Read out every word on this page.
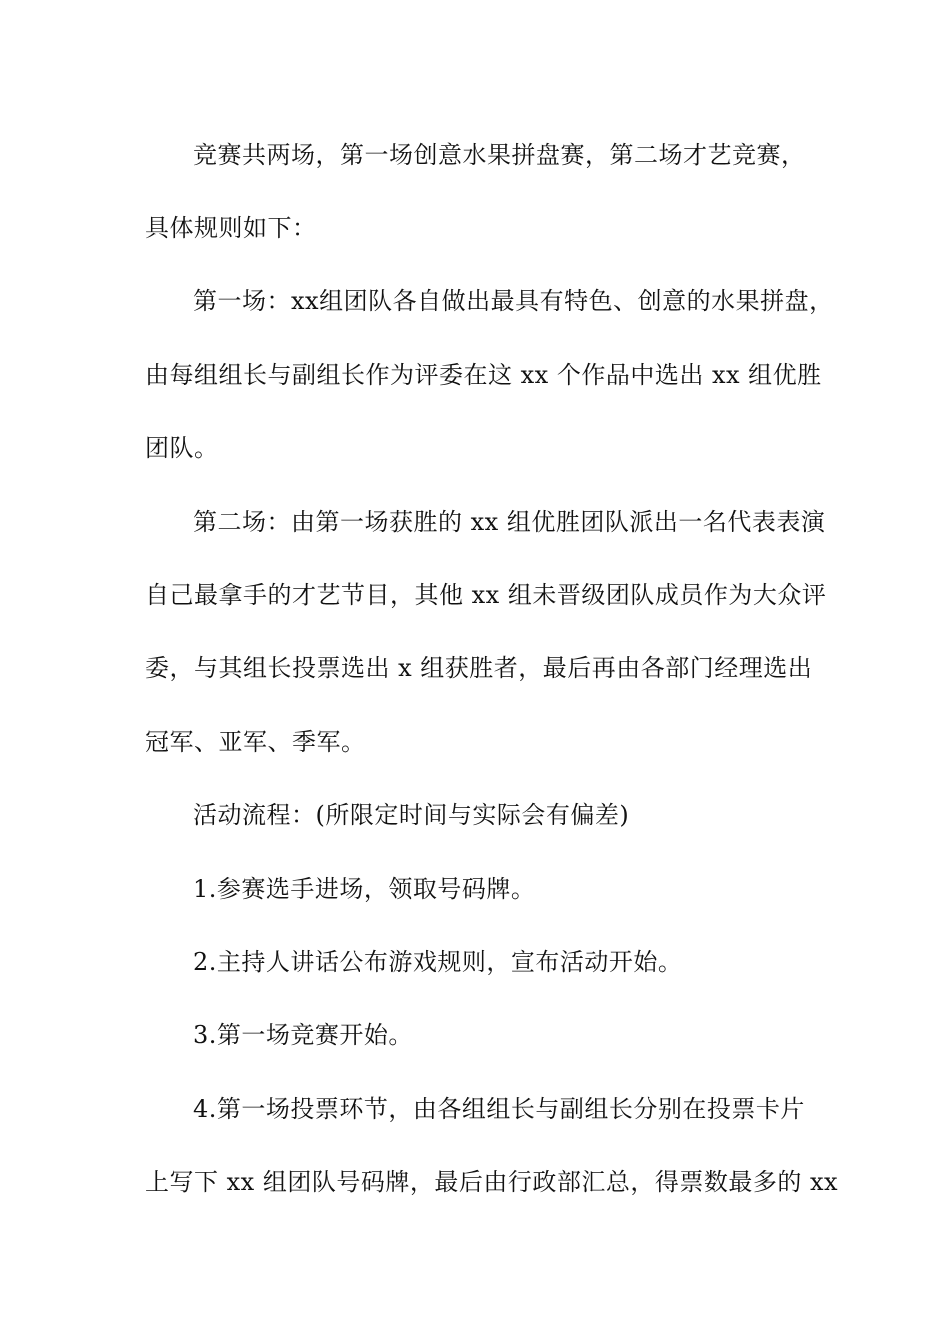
竞赛共两场，第一场创意水果拼盘赛，第二场才艺竞赛，
具体规则如下：
第一场：xx组团队各自做出最具有特色、创意的水果拼盘，
由每组组长与副组长作为评委在这 xx 个作品中选出 xx 组优胜
团队。
第二场：由第一场获胜的 xx 组优胜团队派出一名代表表演
自己最拿手的才艺节目，其他 xx 组未晋级团队成员作为大众评
委，与其组长投票选出 x 组获胜者，最后再由各部门经理选出
冠军、亚军、季军。
活动流程：(所限定时间与实际会有偏差)
1.参赛选手进场，领取号码牌。
2.主持人讲话公布游戏规则，宣布活动开始。
3.第一场竞赛开始。
4.第一场投票环节，由各组组长与副组长分别在投票卡片
上写下 xx 组团队号码牌，最后由行政部汇总，得票数最多的 xx
